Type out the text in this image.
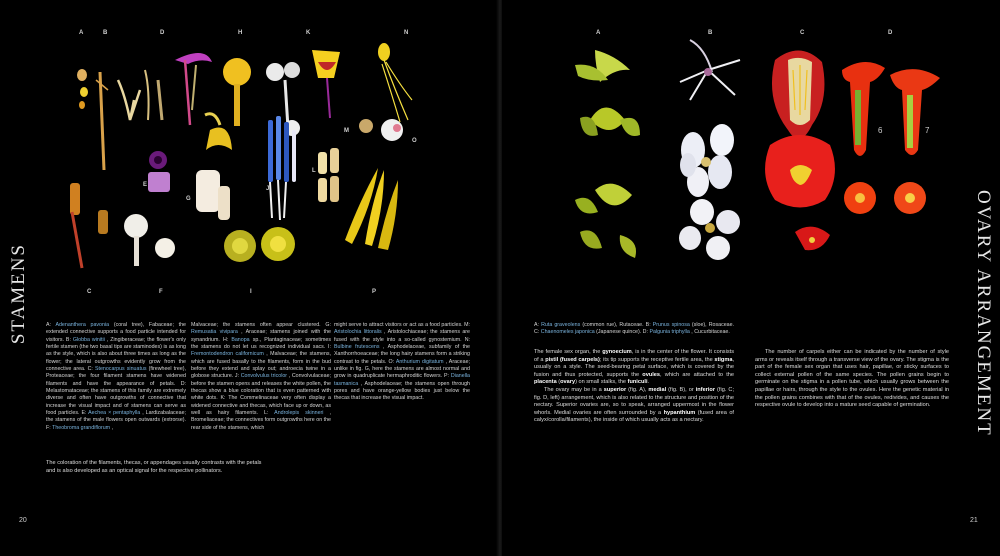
A	B	D	H	K	N
C	F	I	P
E
G
J
L
M
O
A	B	C	D
6	7
STAMENS	OVARY ARRANGEMENT
A: Adenanthera pavonia (coral tree), Fabaceae; the extended connective supports a food particle intended for visitors. B: Globba winitii , Zingiberaceae; the flower's only fertile stamen (the two basal tips are staminodes) is as long as the style, which is also about three times as long as the flower; the lateral outgrowths evidently grow from the connective area. C: Stenocarpus sinuatus (firewheel tree), Proteaceae; the four filament stamens have widened filaments and have the appearance of petals. D: Melastomataceae; the stamens of this family are extremely diverse and often have outgrowths of connective that increase the visual impact and of stamens can serve as food particles. E: Aechea × pentaphylla , Lardizabalaceae; the stamens of the male flowers open outwards (extrorse). F: Theobroma grandiflorum ,
Malvaceae; the stamens often appear clustered. G: Remusatia vivipara , Araceae; stamens joined with the synandrium. H: Banopa sp., Plantaginaceae; sometimes the stamens do not let us recognized individual sacs. I: Fremontodendron californicum , Malvaceae; the stamens, which are fused basally to the filaments, form in the bud before they extend and splay out; androecia twine in a globose structure. J: Convolvulus tricolor , Convolvulaceae; before the stamen opens and releases the white pollen, the thecas show a blue coloration that is even patterned with white dots. K: The Commelinaceae very often display a widened connective and thecas, which face up or down, as well as hairy filaments. L: Androlepis skinneri , Bromeliaceae; the connectives form outgrowths here on the rear side of the stamens, which
might serve to attract visitors or act as a food particles. M: Aristolochia littoralis , Aristolochiaceae; the stamens are fused with the style into a so-called gynostemium. N: Bulbine frutescens , Asphodelaceae, subfamily of the Xanthorrhoeaceae; the long hairy stamens form a striking contrast to the petals. O: Anthurium digitatum , Araceae; unlike in fig. G, here the stamens are almost normal and grow in quadruplicate hermaphroditic flowers. P: Dianella tasmanica , Asphodelaceae; the stamens open through pores and have orange-yellow bodies just below the thecas that increase the visual impact.
The coloration of the filaments, thecas, or appendages usually contrasts with the petals and is also developed as an optical signal for the respective pollinators.
A: Ruta graveolens (common rue), Rutaceae. B: Prunus spinosa (sloe), Rosaceae. C: Chaenomeles japonica (Japanese quince). D: Palgunia triphylla , Cucurbitaceae.
The female sex organ, the gynoecium, is in the center of the flower. It consists of a pistil (fused carpels); its tip supports the receptive fertile area, the stigma, usually on a style. The seed-bearing petal surface, which is covered by the fusion and thus protected, supports the ovules, which are attached to the placenta (ovary) on small stalks, the funiculi.
The ovary may be in a superior (fig. A), medial (fig. B), or inferior (fig. C; fig. D, left) arrangement, which is also related to the structure and position of the nectary. Superior ovaries are, so to speak, arranged uppermost in the flower whorls. Medial ovaries are often surrounded by a hypanthium (fused area of calyx/corolla/filaments), the inside of which usually acts as a nectary.
The number of carpels either can be indicated by the number of style arms or reveals itself through a transverse view of the ovary. The stigma is the part of the female sex organ that uses hair, papillae, or sticky surfaces to collect external pollen of the same species. The pollen grains begin to germinate on the stigma in a pollen tube, which usually grows between the papillae or hairs, through the style to the ovules. Here the genetic material in the pollen grains combines with that of the ovules, redivides, and causes the respective ovule to develop into a mature seed capable of germination.
20	21
